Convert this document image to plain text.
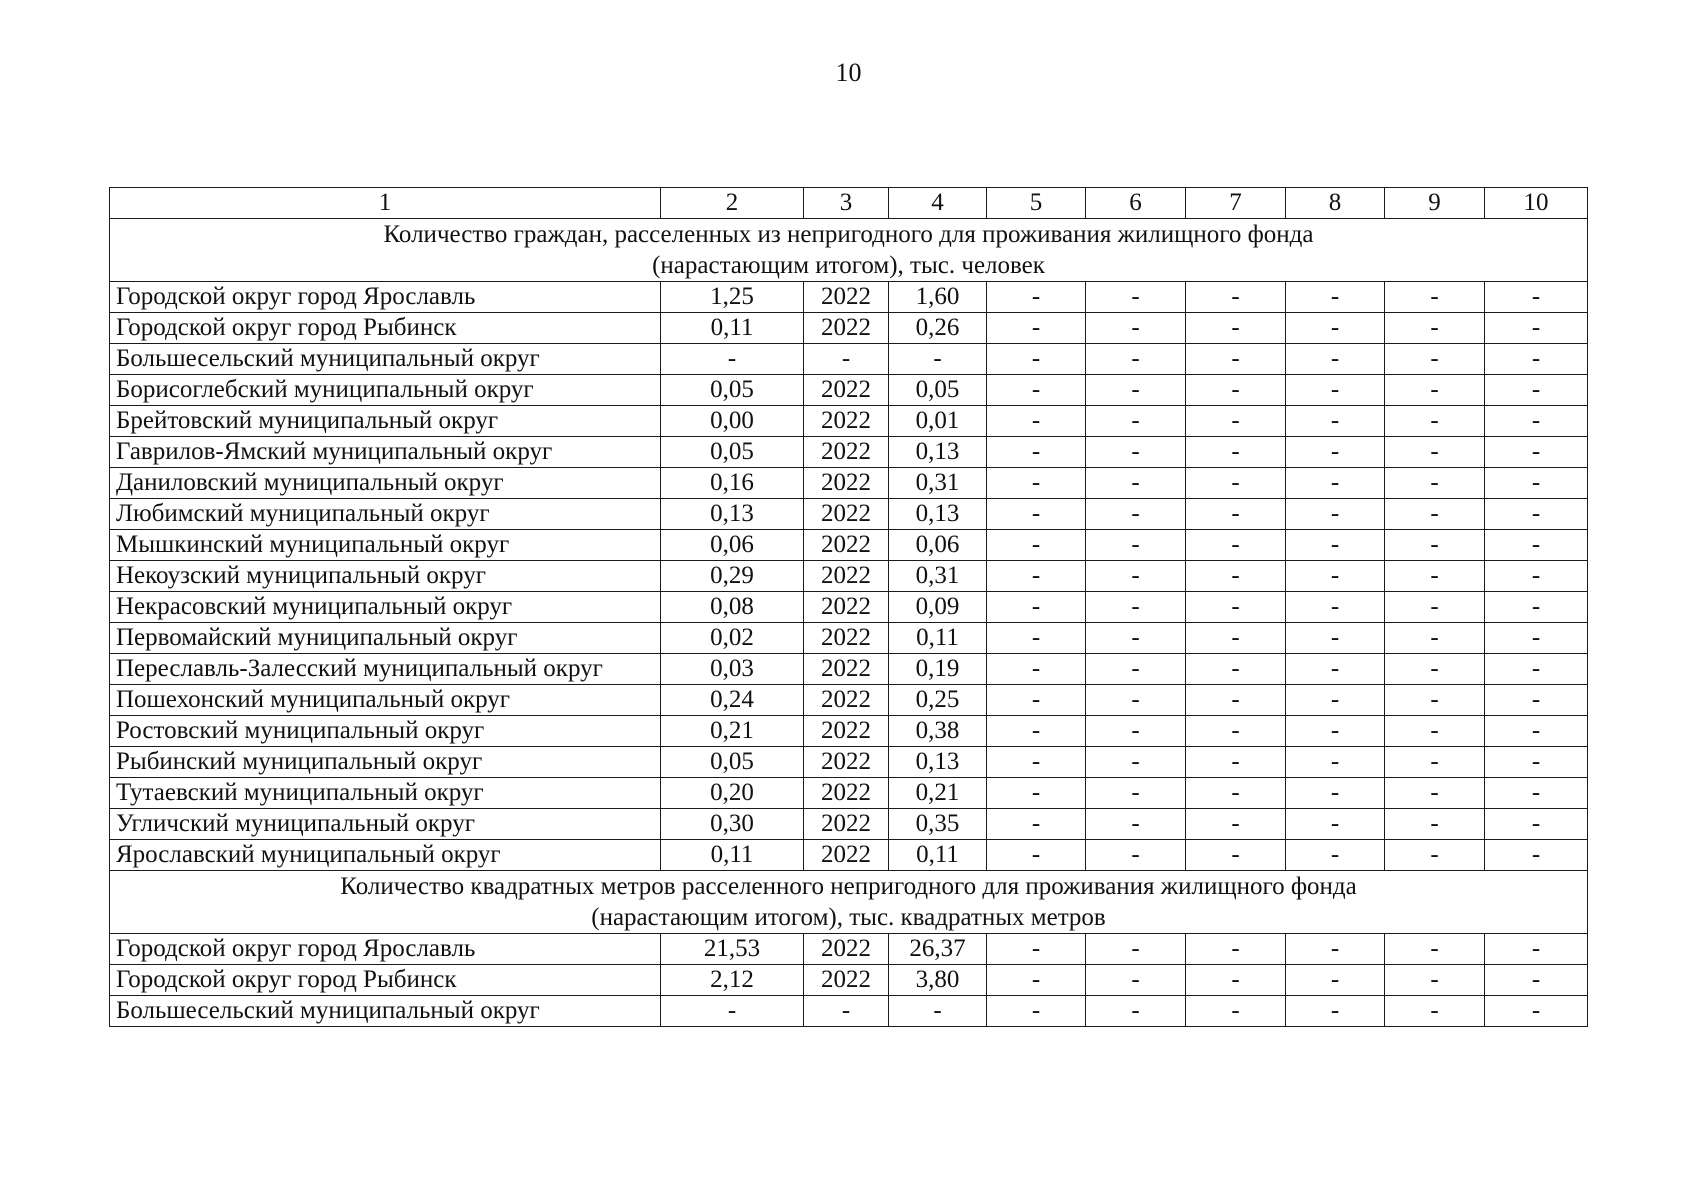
10
1	2	3	4	5	6	7	8	9	10

Количество граждан, расселенных из непригодного для проживания жилищного фонда
(нарастающим итогом), тыс. человек									

Городской округ город Ярославль	1,25	2022	1,60	-	-	-	-	-	-
Городской округ город Рыбинск	0,11	2022	0,26	-	-	-	-	-	-
Большесельский муниципальный округ	-	-	-	-	-	-	-	-	-
Борисоглебский муниципальный округ	0,05	2022	0,05	-	-	-	-	-	-
Брейтовский муниципальный округ	0,00	2022	0,01	-	-	-	-	-	-
Гаврилов-Ямский муниципальный округ	0,05	2022	0,13	-	-	-	-	-	-
Даниловский муниципальный округ	0,16	2022	0,31	-	-	-	-	-	-
Любимский муниципальный округ	0,13	2022	0,13	-	-	-	-	-	-
Мышкинский муниципальный округ	0,06	2022	0,06	-	-	-	-	-	-
Некоузский муниципальный округ	0,29	2022	0,31	-	-	-	-	-	-
Некрасовский муниципальный округ	0,08	2022	0,09	-	-	-	-	-	-
Первомайский муниципальный округ	0,02	2022	0,11	-	-	-	-	-	-
Переславль-Залесский муниципальный округ	0,03	2022	0,19	-	-	-	-	-	-
Пошехонский муниципальный округ	0,24	2022	0,25	-	-	-	-	-	-
Ростовский муниципальный округ	0,21	2022	0,38	-	-	-	-	-	-
Рыбинский муниципальный округ	0,05	2022	0,13	-	-	-	-	-	-
Тутаевский муниципальный округ	0,20	2022	0,21	-	-	-	-	-	-
Угличский муниципальный округ	0,30	2022	0,35	-	-	-	-	-	-
Ярославский муниципальный округ	0,11	2022	0,11	-	-	-	-	-	-

Количество квадратных метров расселенного непригодного для проживания жилищного фонда
(нарастающим итогом), тыс. квадратных метров									

Городской округ город Ярославль	21,53	2022	26,37	-	-	-	-	-	-
Городской округ город Рыбинск	2,12	2022	3,80	-	-	-	-	-	-
Большесельский муниципальный округ	-	-	-	-	-	-	-	-	-
